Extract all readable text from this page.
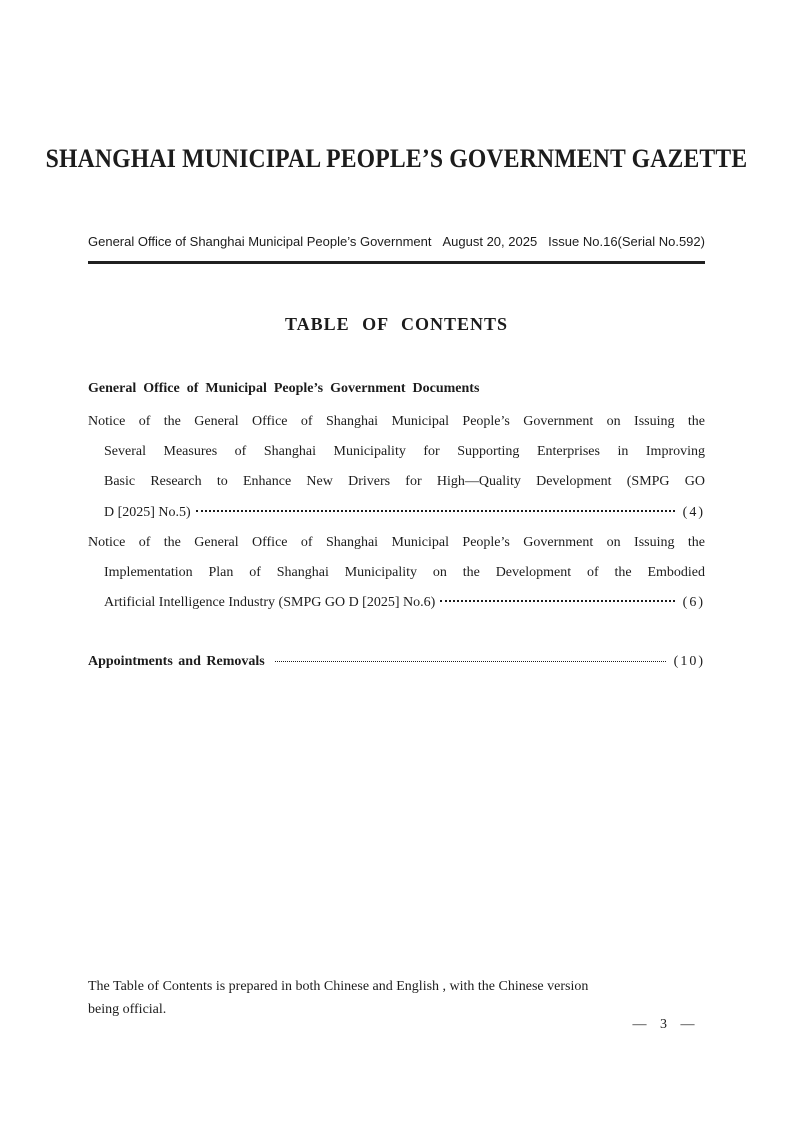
SHANGHAI MUNICIPAL PEOPLE’S GOVERNMENT GAZETTE
General Office of Shanghai Municipal People’s Government August 20, 2025 Issue No.16(Serial No.592)
TABLE OF CONTENTS
General Office of Municipal People’s Government Documents
Notice of the General Office of Shanghai Municipal People’s Government on Issuing the
Several Measures of Shanghai Municipality for Supporting Enterprises in Improving
Basic Research to Enhance New Drivers for High—Quality Development (SMPG GO
D [2025] No.5)	(4)
Notice of the General Office of Shanghai Municipal People’s Government on Issuing the
Implementation Plan of Shanghai Municipality on the Development of the Embodied
Artificial Intelligence Industry (SMPG GO D [2025] No.6)	(6)
Appointments and Removals	(10)
The Table of Contents is prepared in both Chinese and English , with the Chinese version
being official.
— 3 —
